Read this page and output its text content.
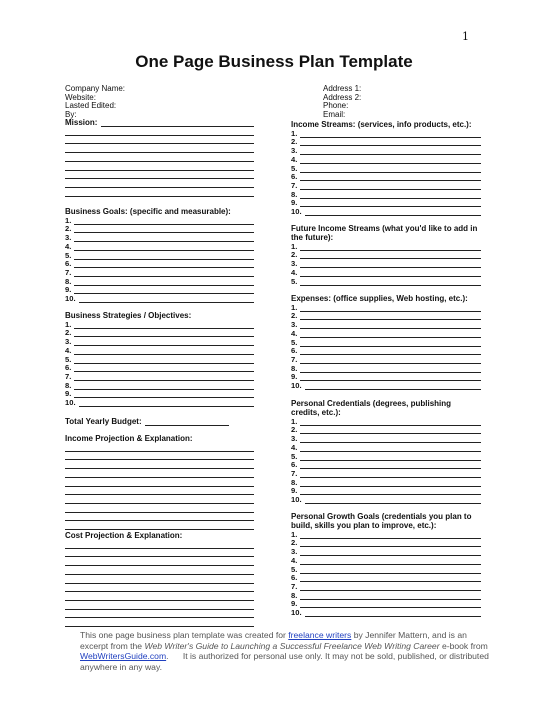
1
One Page Business Plan Template
Company Name:
Website:
Lasted Edited:
By:
Address 1:
Address 2:
Phone:
Email:
Mission:
Business Goals: (specific and measurable):
1.
2.
3.
4.
5.
6.
7.
8.
9.
10.
Business Strategies / Objectives:
1.
2.
3.
4.
5.
6.
7.
8.
9.
10.
Total Yearly Budget:
Income Projection & Explanation:
Cost Projection & Explanation:
Income Streams: (services, info products, etc.):
1.
2.
3.
4.
5.
6.
7.
8.
9.
10.
Future Income Streams (what you'd like to add in the future):
1.
2.
3.
4.
5.
Expenses: (office supplies, Web hosting, etc.):
1.
2.
3.
4.
5.
6.
7.
8.
9.
10.
Personal Credentials (degrees, publishing credits, etc.):
1.
2.
3.
4.
5.
6.
7.
8.
9.
10.
Personal Growth Goals (credentials you plan to build, skills you plan to improve, etc.):
1.
2.
3.
4.
5.
6.
7.
8.
9.
10.
This one page business plan template was created for freelance writers by Jennifer Mattern, and is an excerpt from the Web Writer's Guide to Launching a Successful Freelance Web Writing Career e-book from WebWritersGuide.com.      It is authorized for personal use only. It may not be sold, published, or distributed anywhere in any way.
